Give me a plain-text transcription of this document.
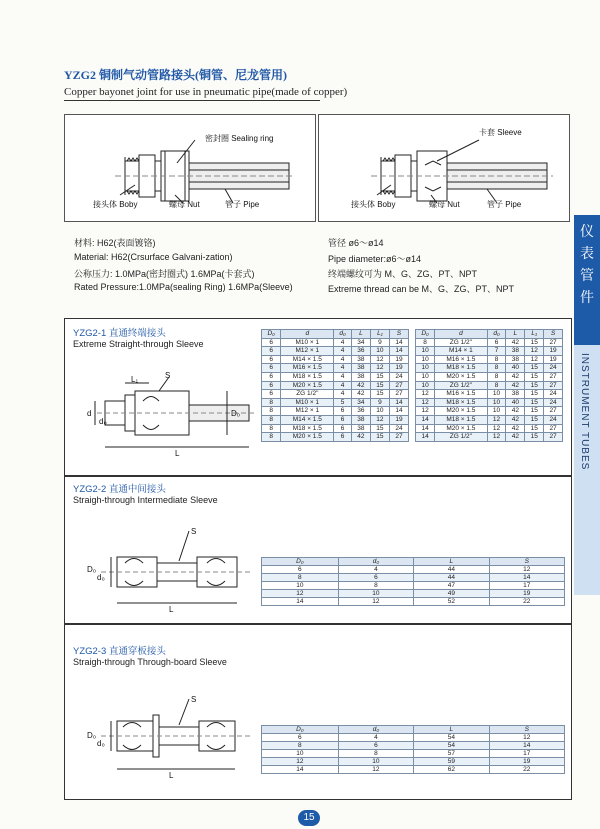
YZG2 铜制气动管路接头(铜管、尼龙管用)
Copper bayonet joint for use in pneumatic pipe(made of copper)
仪
表
管
件
INSTRUMENT TUBES
密封圈 Sealing ring
接头体 Boby	螺母 Nut	管子 Pipe
卡套 Sleeve
接头体 Boby	螺母 Nut	管子 Pipe
材料: H62(表面镀铬)
Material: H62(Crsurface Galvani-zation)
公称压力: 1.0MPa(密封圈式) 1.6MPa(卡套式)
Rated Pressure:1.0MPa(sealing Ring) 1.6MPa(Sleeve)
管径 ø6～ø14
Pipe diameter:ø6～ø14
终端螺纹可为 M、G、ZG、PT、NPT
Extreme thread can be M、G、ZG、PT、NPT
YZG2-1 直通终端接头
Extreme Straight-through Sleeve
S
L₁
L
d
d₀
D₀
D₀	d	d₀	L	L₁	S
6	M10 × 1	4	34	9	14
6	M12 × 1	4	36	10	14
6	M14 × 1.5	4	38	12	19
6	M16 × 1.5	4	38	12	19
6	M18 × 1.5	4	38	15	24
6	M20 × 1.5	4	42	15	27
6	ZG 1/2"	4	42	15	27
8	M10 × 1	5	34	9	14
8	M12 × 1	6	36	10	14
8	M14 × 1.5	6	38	12	19
8	M18 × 1.5	6	38	15	24
8	M20 × 1.5	6	42	15	27
D₀	d	d₀	L	L₁	S
8	ZG 1/2"	6	42	15	27
10	M14 × 1	7	38	12	19
10	M16 × 1.5	8	38	12	19
10	M18 × 1.5	8	40	15	24
10	M20 × 1.5	8	42	15	27
10	ZG 1/2"	8	42	15	27
12	M16 × 1.5	10	38	15	24
12	M18 × 1.5	10	40	15	24
12	M20 × 1.5	10	42	15	27
14	M18 × 1.5	12	42	15	24
14	M20 × 1.5	12	42	15	27
14	ZG 1/2"	12	42	15	27
YZG2-2 直通中间接头
Straigh-through Intermediate Sleeve
S
L
D₀
d₀
D₀	d₀	L	S
6	4	44	12
8	6	44	14
10	8	47	17
12	10	49	19
14	12	52	22
YZG2-3 直通穿板接头
Straigh-through Through-board Sleeve
S
L
D₀
d₀
D₀	d₀	L	S
6	4	54	12
8	6	54	14
10	8	57	17
12	10	59	19
14	12	62	22
15
